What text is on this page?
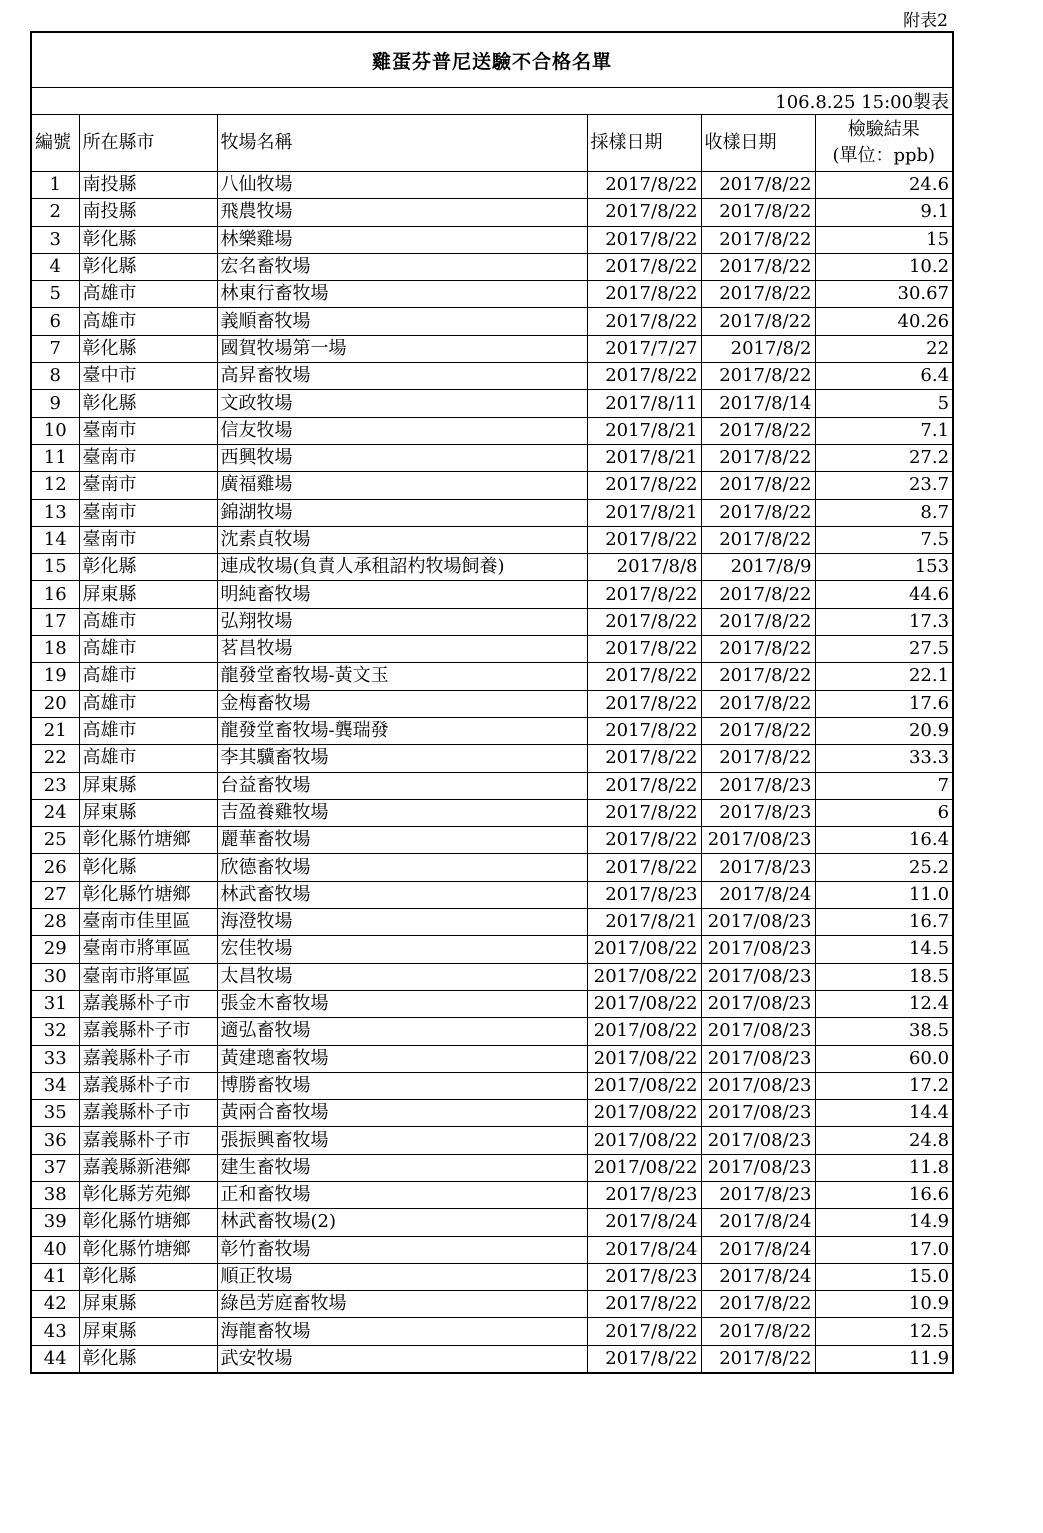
附表2
雞蛋芬普尼送驗不合格名單					
106.8.25 15:00製表					
編號	所在縣市	牧場名稱	採樣日期	收樣日期	檢驗結果
(單位：ppb)

1	南投縣	八仙牧場	2017/8/22	2017/8/22	24.6
2	南投縣	飛農牧場	2017/8/22	2017/8/22	9.1
3	彰化縣	林樂雞場	2017/8/22	2017/8/22	15
4	彰化縣	宏名畜牧場	2017/8/22	2017/8/22	10.2
5	高雄市	林東行畜牧場	2017/8/22	2017/8/22	30.67
6	高雄市	義順畜牧場	2017/8/22	2017/8/22	40.26
7	彰化縣	國賀牧場第一場	2017/7/27	2017/8/2	22
8	臺中市	高昇畜牧場	2017/8/22	2017/8/22	6.4
9	彰化縣	文政牧場	2017/8/11	2017/8/14	5
10	臺南市	信友牧場	2017/8/21	2017/8/22	7.1
11	臺南市	西興牧場	2017/8/21	2017/8/22	27.2
12	臺南市	廣福雞場	2017/8/22	2017/8/22	23.7
13	臺南市	錦湖牧場	2017/8/21	2017/8/22	8.7
14	臺南市	沈素貞牧場	2017/8/22	2017/8/22	7.5
15	彰化縣	連成牧場(負責人承租詔杓牧場飼養)	2017/8/8	2017/8/9	153
16	屏東縣	明純畜牧場	2017/8/22	2017/8/22	44.6
17	高雄市	弘翔牧場	2017/8/22	2017/8/22	17.3
18	高雄市	茗昌牧場	2017/8/22	2017/8/22	27.5
19	高雄市	龍發堂畜牧場-黃文玉	2017/8/22	2017/8/22	22.1
20	高雄市	金梅畜牧場	2017/8/22	2017/8/22	17.6
21	高雄市	龍發堂畜牧場-龔瑞發	2017/8/22	2017/8/22	20.9
22	高雄市	李其驥畜牧場	2017/8/22	2017/8/22	33.3
23	屏東縣	台益畜牧場	2017/8/22	2017/8/23	7
24	屏東縣	吉盈養雞牧場	2017/8/22	2017/8/23	6
25	彰化縣竹塘鄉	麗華畜牧場	2017/8/22	2017/08/23	16.4
26	彰化縣	欣德畜牧場	2017/8/22	2017/8/23	25.2
27	彰化縣竹塘鄉	林武畜牧場	2017/8/23	2017/8/24	11.0
28	臺南市佳里區	海澄牧場	2017/8/21	2017/08/23	16.7
29	臺南市將軍區	宏佳牧場	2017/08/22	2017/08/23	14.5
30	臺南市將軍區	太昌牧場	2017/08/22	2017/08/23	18.5
31	嘉義縣朴子市	張金木畜牧場	2017/08/22	2017/08/23	12.4
32	嘉義縣朴子市	適弘畜牧場	2017/08/22	2017/08/23	38.5
33	嘉義縣朴子市	黃建璁畜牧場	2017/08/22	2017/08/23	60.0
34	嘉義縣朴子市	博勝畜牧場	2017/08/22	2017/08/23	17.2
35	嘉義縣朴子市	黃兩合畜牧場	2017/08/22	2017/08/23	14.4
36	嘉義縣朴子市	張振興畜牧場	2017/08/22	2017/08/23	24.8
37	嘉義縣新港鄉	建生畜牧場	2017/08/22	2017/08/23	11.8
38	彰化縣芳苑鄉	正和畜牧場	2017/8/23	2017/8/23	16.6
39	彰化縣竹塘鄉	林武畜牧場(2)	2017/8/24	2017/8/24	14.9
40	彰化縣竹塘鄉	彰竹畜牧場	2017/8/24	2017/8/24	17.0
41	彰化縣	順正牧場	2017/8/23	2017/8/24	15.0
42	屏東縣	綠邑芳庭畜牧場	2017/8/22	2017/8/22	10.9
43	屏東縣	海龍畜牧場	2017/8/22	2017/8/22	12.5
44	彰化縣	武安牧場	2017/8/22	2017/8/22	11.9
